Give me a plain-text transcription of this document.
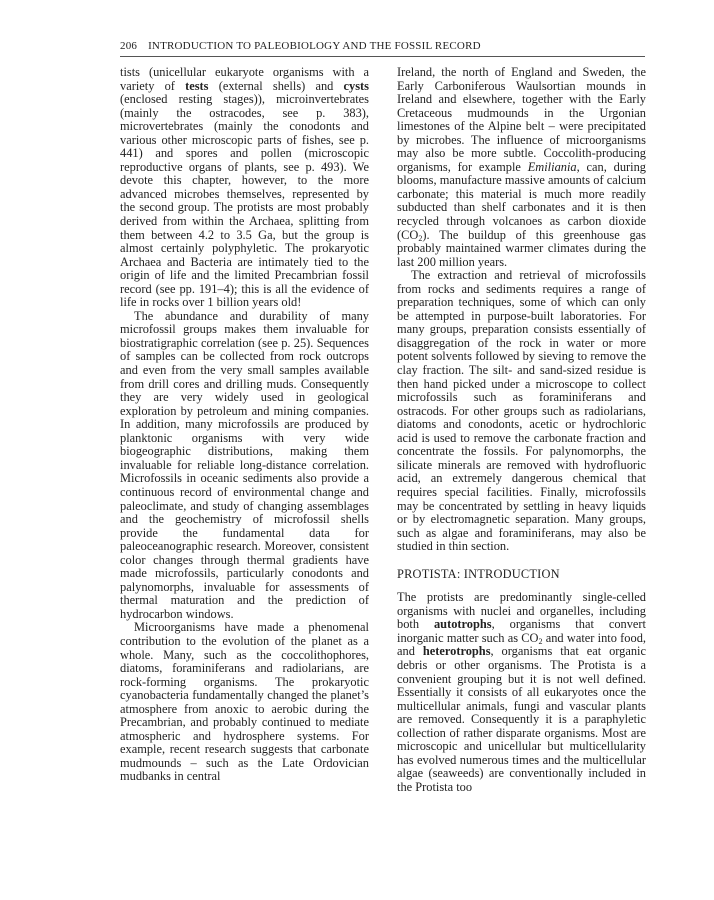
206 INTRODUCTION TO PALEOBIOLOGY AND THE FOSSIL RECORD

tists (unicellular eukaryote organisms with a variety of tests (external shells) and cysts (enclosed resting stages)), microinvertebrates (mainly the ostracodes, see p. 383), microvertebrates (mainly the conodonts and various other microscopic parts of fishes, see p. 441) and spores and pollen (microscopic reproductive organs of plants, see p. 493). We devote this chapter, however, to the more advanced microbes themselves, represented by the second group. The protists are most probably derived from within the Archaea, splitting from them between 4.2 to 3.5 Ga, but the group is almost certainly polyphyletic. The prokaryotic Archaea and Bacteria are intimately tied to the origin of life and the limited Precambrian fossil record (see pp. 191–4); this is all the evidence of life in rocks over 1 billion years old!

The abundance and durability of many microfossil groups makes them invaluable for biostratigraphic correlation (see p. 25). Sequences of samples can be collected from rock outcrops and even from the very small samples available from drill cores and drilling muds. Consequently they are very widely used in geological exploration by petroleum and mining companies. In addition, many microfossils are produced by planktonic organisms with very wide biogeographic distributions, making them invaluable for reliable long-distance correlation. Microfossils in oceanic sediments also provide a continuous record of environmental change and paleoclimate, and study of changing assemblages and the geochemistry of microfossil shells provide the fundamental data for paleoceanographic research. Moreover, consistent color changes through thermal gradients have made microfossils, particularly conodonts and palynomorphs, invaluable for assessments of thermal maturation and the prediction of hydrocarbon windows.

Microorganisms have made a phenomenal contribution to the evolution of the planet as a whole. Many, such as the coccolithophores, diatoms, foraminiferans and radiolarians, are rock-forming organisms. The prokaryotic cyanobacteria fundamentally changed the planet’s atmosphere from anoxic to aerobic during the Precambrian, and probably continued to mediate atmospheric and hydrosphere systems. For example, recent research suggests that carbonate mudmounds – such as the Late Ordovician mudbanks in central

Ireland, the north of England and Sweden, the Early Carboniferous Waulsortian mounds in Ireland and elsewhere, together with the Early Cretaceous mudmounds in the Urgonian limestones of the Alpine belt – were precipitated by microbes. The influence of microorganisms may also be more subtle. Coccolith-producing organisms, for example Emiliania, can, during blooms, manufacture massive amounts of calcium carbonate; this material is much more readily subducted than shelf carbonates and it is then recycled through volcanoes as carbon dioxide $(CO_2)$. The buildup of this greenhouse gas probably maintained warmer climates during the last 200 million years.

The extraction and retrieval of microfossils from rocks and sediments requires a range of preparation techniques, some of which can only be attempted in purpose-built laboratories. For many groups, preparation consists essentially of disaggregation of the rock in water or more potent solvents followed by sieving to remove the clay fraction. The silt- and sand-sized residue is then hand picked under a microscope to collect microfossils such as foraminiferans and ostracods. For other groups such as radiolarians, diatoms and conodonts, acetic or hydrochloric acid is used to remove the carbonate fraction and concentrate the fossils. For palynomorphs, the silicate minerals are removed with hydrofluoric acid, an extremely dangerous chemical that requires special facilities. Finally, microfossils may be concentrated by settling in heavy liquids or by electromagnetic separation. Many groups, such as algae and foraminiferans, may also be studied in thin section.

PROTISTA: INTRODUCTION

The protists are predominantly single-celled organisms with nuclei and organelles, including both autotrophs, organisms that convert inorganic matter such as $CO_2$ and water into food, and heterotrophs, organisms that eat organic debris or other organisms. The Protista is a convenient grouping but it is not well defined. Essentially it consists of all eukaryotes once the multicellular animals, fungi and vascular plants are removed. Consequently it is a paraphyletic collection of rather disparate organisms. Most are microscopic and unicellular but multicellularity has evolved numerous times and the multicellular algae (seaweeds) are conventionally included in the Protista too
